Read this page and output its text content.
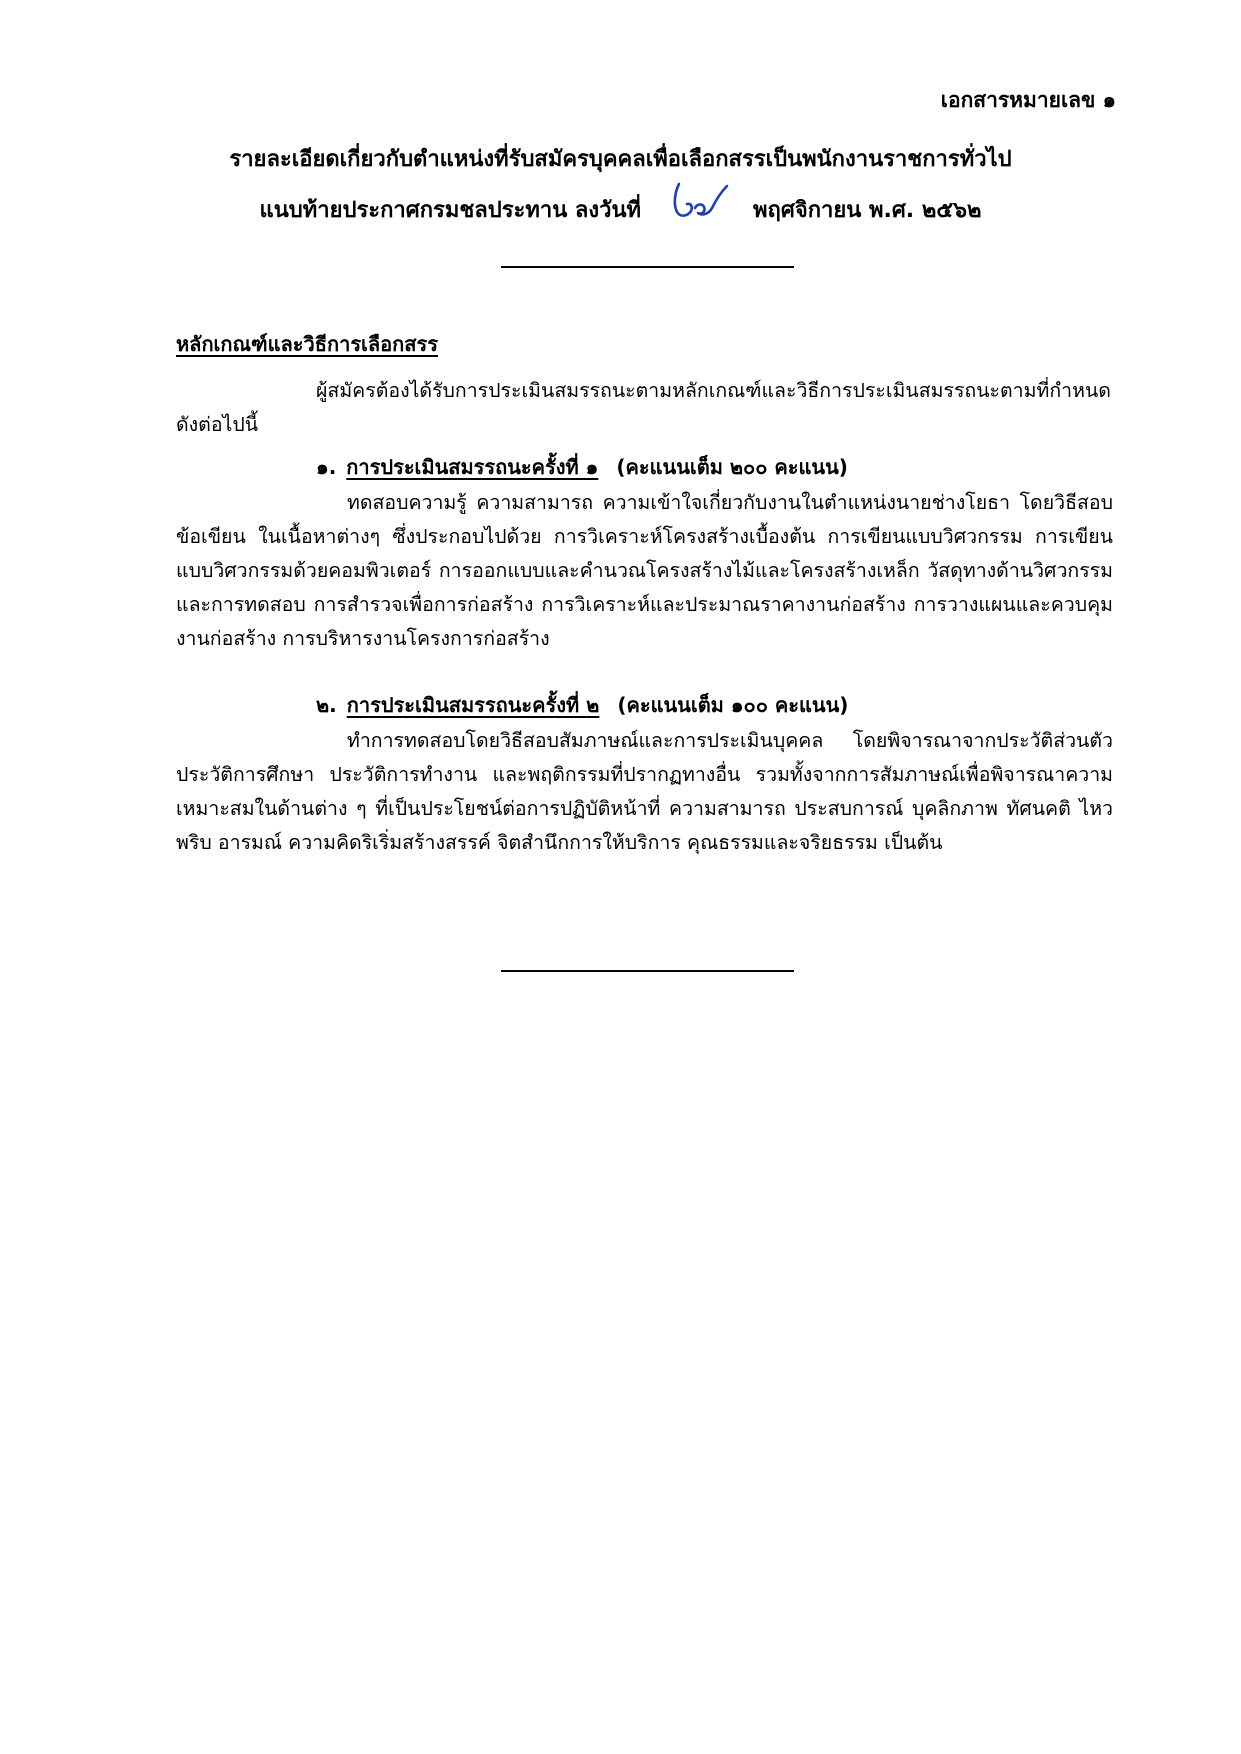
เอกสารหมายเลข ๑
รายละเอียดเกี่ยวกับตำแหน่งที่รับสมัครบุคคลเพื่อเลือกสรรเป็นพนักงานราชการทั่วไป
แนบท้ายประกาศกรมชลประทาน ลงวันที่	พฤศจิกายน พ.ศ. ๒๕๖๒
หลักเกณฑ์และวิธีการเลือกสรร
ผู้สมัครต้องได้รับการประเมินสมรรถนะตามหลักเกณฑ์และวิธีการประเมินสมรรถนะตามที่กำหนด ดังต่อไปนี้
๑. การประเมินสมรรถนะครั้งที่ ๑ (คะแนนเต็ม ๒๐๐ คะแนน)
ทดสอบความรู้ ความสามารถ ความเข้าใจเกี่ยวกับงานในตำแหน่งนายช่างโยธา โดยวิธีสอบข้อเขียน ในเนื้อหาต่างๆ ซึ่งประกอบไปด้วย การวิเคราะห์โครงสร้างเบื้องต้น การเขียนแบบวิศวกรรม การเขียนแบบวิศวกรรมด้วยคอมพิวเตอร์ การออกแบบและคำนวณโครงสร้างไม้และโครงสร้างเหล็ก วัสดุทางด้านวิศวกรรมและการทดสอบ การสำรวจเพื่อการก่อสร้าง การวิเคราะห์และประมาณราคางานก่อสร้าง การวางแผนและควบคุมงานก่อสร้าง การบริหารงานโครงการก่อสร้าง
๒. การประเมินสมรรถนะครั้งที่ ๒ (คะแนนเต็ม ๑๐๐ คะแนน)
ทำการทดสอบโดยวิธีสอบสัมภาษณ์และการประเมินบุคคล โดยพิจารณาจากประวัติส่วนตัว ประวัติการศึกษา ประวัติการทำงาน และพฤติกรรมที่ปรากฏทางอื่น รวมทั้งจากการสัมภาษณ์เพื่อพิจารณาความเหมาะสมในด้านต่าง ๆ ที่เป็นประโยชน์ต่อการปฏิบัติหน้าที่ ความสามารถ ประสบการณ์ บุคลิกภาพ ทัศนคติ ไหวพริบ อารมณ์ ความคิดริเริ่มสร้างสรรค์ จิตสำนึกการให้บริการ คุณธรรมและจริยธรรม เป็นต้น
